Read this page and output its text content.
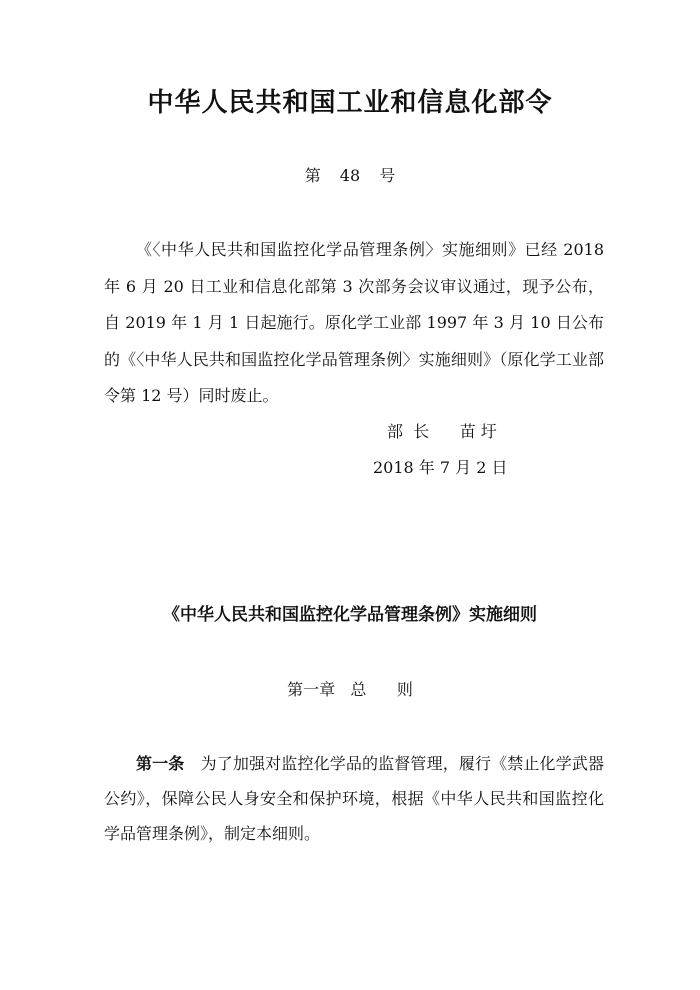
中华人民共和国工业和信息化部令
第 48 号

《〈中华人民共和国监控化学品管理条例〉实施细则》已经 2018 年 6 月 20 日工业和信息化部第 3 次部务会议审议通过，现予公布，自 2019 年 1 月 1 日起施行。原化学工业部 1997 年 3 月 10 日公布的《〈中华人民共和国监控化学品管理条例〉实施细则》（原化学工业部令第 12 号）同时废止。

部  长      苗 圩
2018 年 7 月 2 日
《中华人民共和国监控化学品管理条例》实施细则
第一章   总      则

第一条　 为了加强对监控化学品的监督管理，履行《禁止化学武器公约》，保障公民人身安全和保护环境，根据《中华人民共和国监控化学品管理条例》，制定本细则。
